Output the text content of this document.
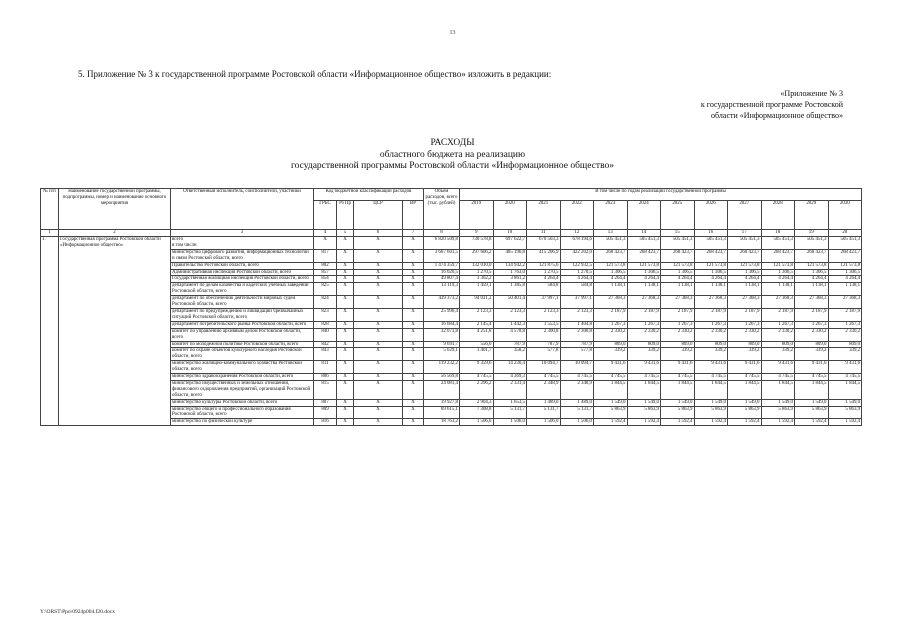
13
5. Приложение № 3 к государственной программе Ростовской области «Информационное общество» изложить в редакции:
«Приложение № 3
к государственной программе Ростовской
области «Информационное общество»
РАСХОДЫ
областного бюджета на реализацию
государственной программы Ростовской области «Информационное общество»
№ п/п	Наименование государственной программы, подпрограммы, номер и наименование основного мероприятия	Ответственный исполнитель, соисполнители, участники	Код бюджетной классификации расходов				Объем расходов, всего (тыс. рублей)	В том числе по годам реализации государственной программы											
			ГРБС	Рз Пр	ЦСР	ВР		2019	2020	2021	2022	2023	2024	2025	2026	2027	2028	2029	2030
1	2	3	4	5	6	7	8	9	10	11	12	13	14	15	16	17	18	19	20
1.	Государственная программа Ростовской области «Информационное общество»	всего
в том числе:	X	X	X	X	6 820 509,8	730 578,8	697 622,7	670 503,3	678 194,6	505 451,3	505 451,3	505 451,3	505 451,3	505 451,3	505 451,3	505 451,3	505 451,3

		министерство цифрового развития, информационных технологий и связи Ростовской области, всего	817	X	X	X	3 667 601,5	297 606,2	405 196,8	415 206,9	422 202,0	268 423,7	268 423,7	268 423,7	268 423,7	268 423,7	268 423,7	268 423,7	268 423,7

		Правительство Ростовской области, всего	802	X	X	X	1 474 359,7	132 010,0	134 942,2	121 875,6	122 932,5	121 573,8	121 573,8	121 573,8	121 573,8	121 573,8	121 573,8	121 573,8	121 573,8

		Административная инспекция Ростовской области, всего	857	X	X	X	16 026,5	1 270,5	1 763,0	1 270,5	1 270,5	1 306,5	1 306,5	1 306,5	1 306,5	1 306,5	1 306,5	1 306,5	1 306,5

		Государственная жилищная инспекция Ростовской области, всего	854	X	X	X	49 807,4	3 302,2	3 861,2	4 264,4	4 264,4	4 264,4	4 264,4	4 264,4	4 264,4	4 264,4	4 264,4	4 264,4	4 264,4

		департамент по делам казачества и кадетских учебных заведений Ростовской области, всего	825	X	X	X	13 119,3	1 459,1	1 385,8	584,8	584,8	1 138,1	1 138,1	1 138,1	1 138,1	1 138,1	1 138,1	1 138,1	1 138,1

		департамент по обеспечению деятельности мировых судей Ростовской области, всего	824	X	X	X	439 373,2	94 031,2	50 401,4	37 997,1	37 997,1	27 368,3	27 368,3	27 368,3	27 368,3	27 368,3	27 368,3	27 368,3	27 368,3

		департамент по предупреждению и ликвидации чрезвычайных ситуаций Ростовской области, всего	823	X	X	X	25 996,4	2 123,3	2 123,3	2 123,3	2 123,3	2 187,9	2 187,9	2 187,9	2 187,9	2 187,9	2 187,9	2 187,9	2 187,9

		департамент потребительского рынка Ростовской области, всего	828	X	X	X	16 684,4	2 145,4	1 442,3	1 553,5	1 404,8	1 267,3	1 267,3	1 267,3	1 267,3	1 267,3	1 267,3	1 267,3	1 267,3

		комитет по управлению архивным делом Ростовской области, всего	840	X	X	X	32 073,8	4 251,8	4 578,8	2 300,8	2 300,8	2 330,2	2 330,2	2 330,2	2 330,2	2 330,2	2 330,2	2 330,2	2 330,2

		комитет по молодежной политике Ростовской области, всего	842	X	X	X	9 691,7	556,0	787,9	787,9	787,9	809,0	809,0	809,0	809,0	809,0	809,0	809,0	809,0

		комитет по охране объектов культурного наследия Ростовской области, всего	843	X	X	X	5 629,1	1 401,7	358,2	577,8	577,8	339,2	339,2	339,2	339,2	339,2	339,2	339,2	339,2

		министерство жилищно-коммунального хозяйства Ростовской области, всего	811	X	X	X	119 232,2	9 359,6	14 230,4	10 094,7	10 094,7	9 431,6	9 431,6	9 431,6	9 431,6	9 431,6	9 431,6	9 431,6	9 431,6

		министерство здравоохранения Ростовской области, всего	806	X	X	X	56 569,8	4 745,5	4 369,3	4 745,5	4 745,5	4 745,5	4 745,5	4 745,5	4 745,5	4 745,5	4 745,5	4 745,5	4 745,5

		министерство имущественных и земельных отношений, финансового оздоровления предприятий, организаций Ростовской области, всего	815	X	X	X	24 081,4	2 296,2	2 331,4	2 348,9	2 348,9	1 844,5	1 844,5	1 844,5	1 844,5	1 844,5	1 844,5	1 844,5	1 844,5

		министерство культуры Ростовской области, всего	807	X	X	X	19 927,8	2 904,3	1 653,5	1 489,0	1 489,0	1 549,0	1 549,0	1 549,0	1 549,0	1 549,0	1 549,0	1 549,0	1 549,0

		министерство общего и профессионального образования Ростовской области, всего	809	X	X	X	69 615,1	7 308,8	5 131,7	5 131,7	5 131,7	5 863,9	5 863,9	5 863,9	5 863,9	5 863,9	5 863,9	5 863,9	5 863,9

		министерство по физической культуре	816	X	X	X	18 763,2	1 506,0	1 506,0	1 506,0	1 506,0	1 592,4	1 592,4	1 592,4	1 592,4	1 592,4	1 592,4	1 592,4	1 592,4
Y:\ORST\Ppo\0924p004.f20.docx
